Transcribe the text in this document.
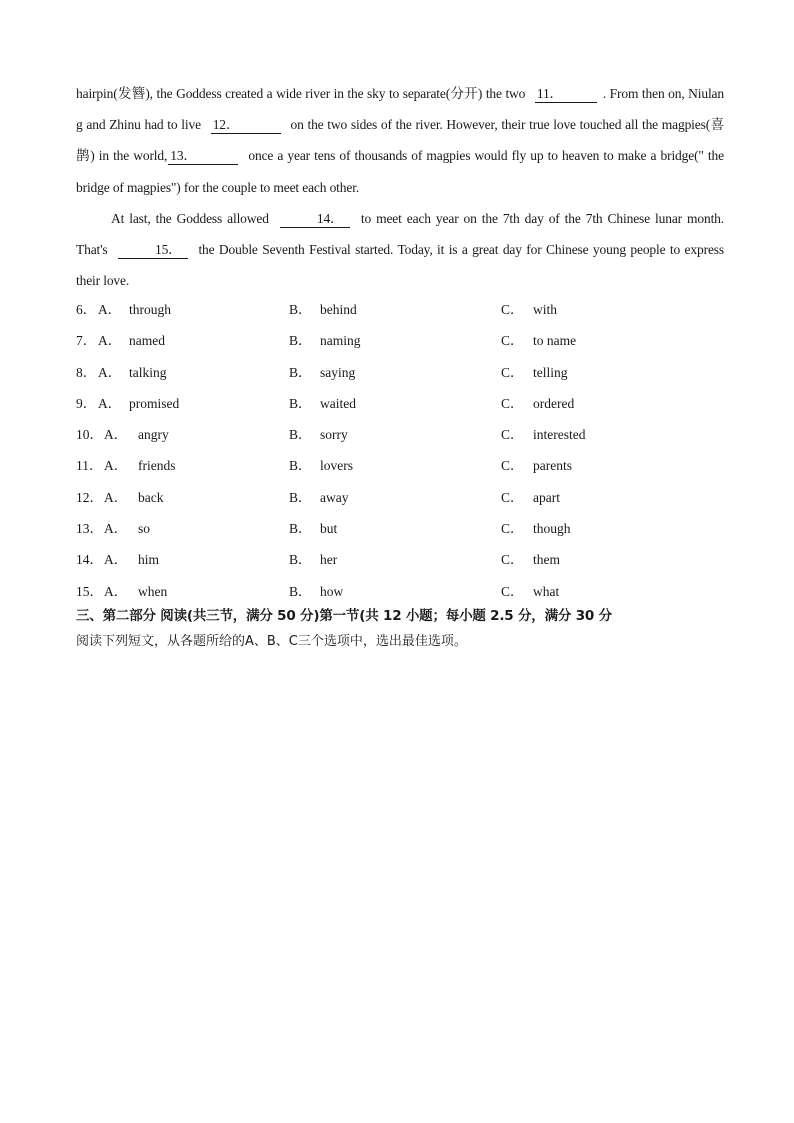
hairpin(发簪), the Goddess created a wide river in the sky to separate(分开) the two 11．	. From then on, Niulan g and Zhinu had to live 12．	on the two sides of the river. However, their true love touched all the magpies(喜鹊) in the world, 13．	once a year tens of thousands of magpies would fly up to heaven to make a bridge(" the bridge of magpies") for the couple to meet each other.

At last, the Goddess allowed	14． to meet each year on the 7th day of the 7th Chinese lunar month. That's	15． the Double Seventh Festival started. Today, it is a great day for Chinese young people to express their love.

6． A． through	B． behind	C． with
7． A． named	B． naming	C． to name
8． A． talking	B． saying	C． telling
9． A． promised	B． waited	C． ordered
10． A． angry	B． sorry	C． interested
11． A． friends	B． lovers	C． parents
12． A． back	B． away	C． apart
13． A． so	B． but	C． though
14． A． him	B． her	C． them
15． A． when	B． how	C． what
三、第二部分 阅读(共三节，满分 50 分)第一节(共 12 小题；每小题 2.5 分，满分 30 分
阅读下列短文，从各题所给的A、B、C三个选项中，选出最佳选项。
